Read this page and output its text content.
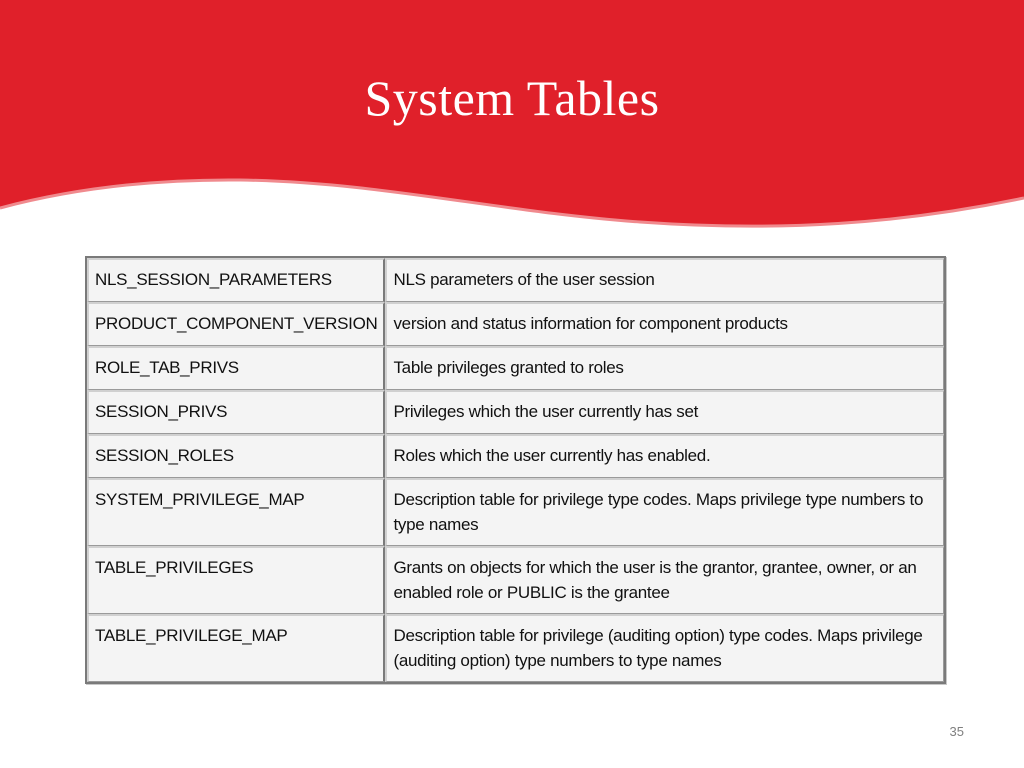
System Tables
NLS_SESSION_PARAMETERS	NLS parameters of the user session
PRODUCT_COMPONENT_VERSION	version and status information for component products
ROLE_TAB_PRIVS	Table privileges granted to roles
SESSION_PRIVS	Privileges which the user currently has set
SESSION_ROLES	Roles which the user currently has enabled.
SYSTEM_PRIVILEGE_MAP	Description table for privilege type codes. Maps privilege type numbers to type names
TABLE_PRIVILEGES	Grants on objects for which the user is the grantor, grantee, owner, or an enabled role or PUBLIC is the grantee
TABLE_PRIVILEGE_MAP	Description table for privilege (auditing option) type codes. Maps privilege (auditing option) type numbers to type names
35
